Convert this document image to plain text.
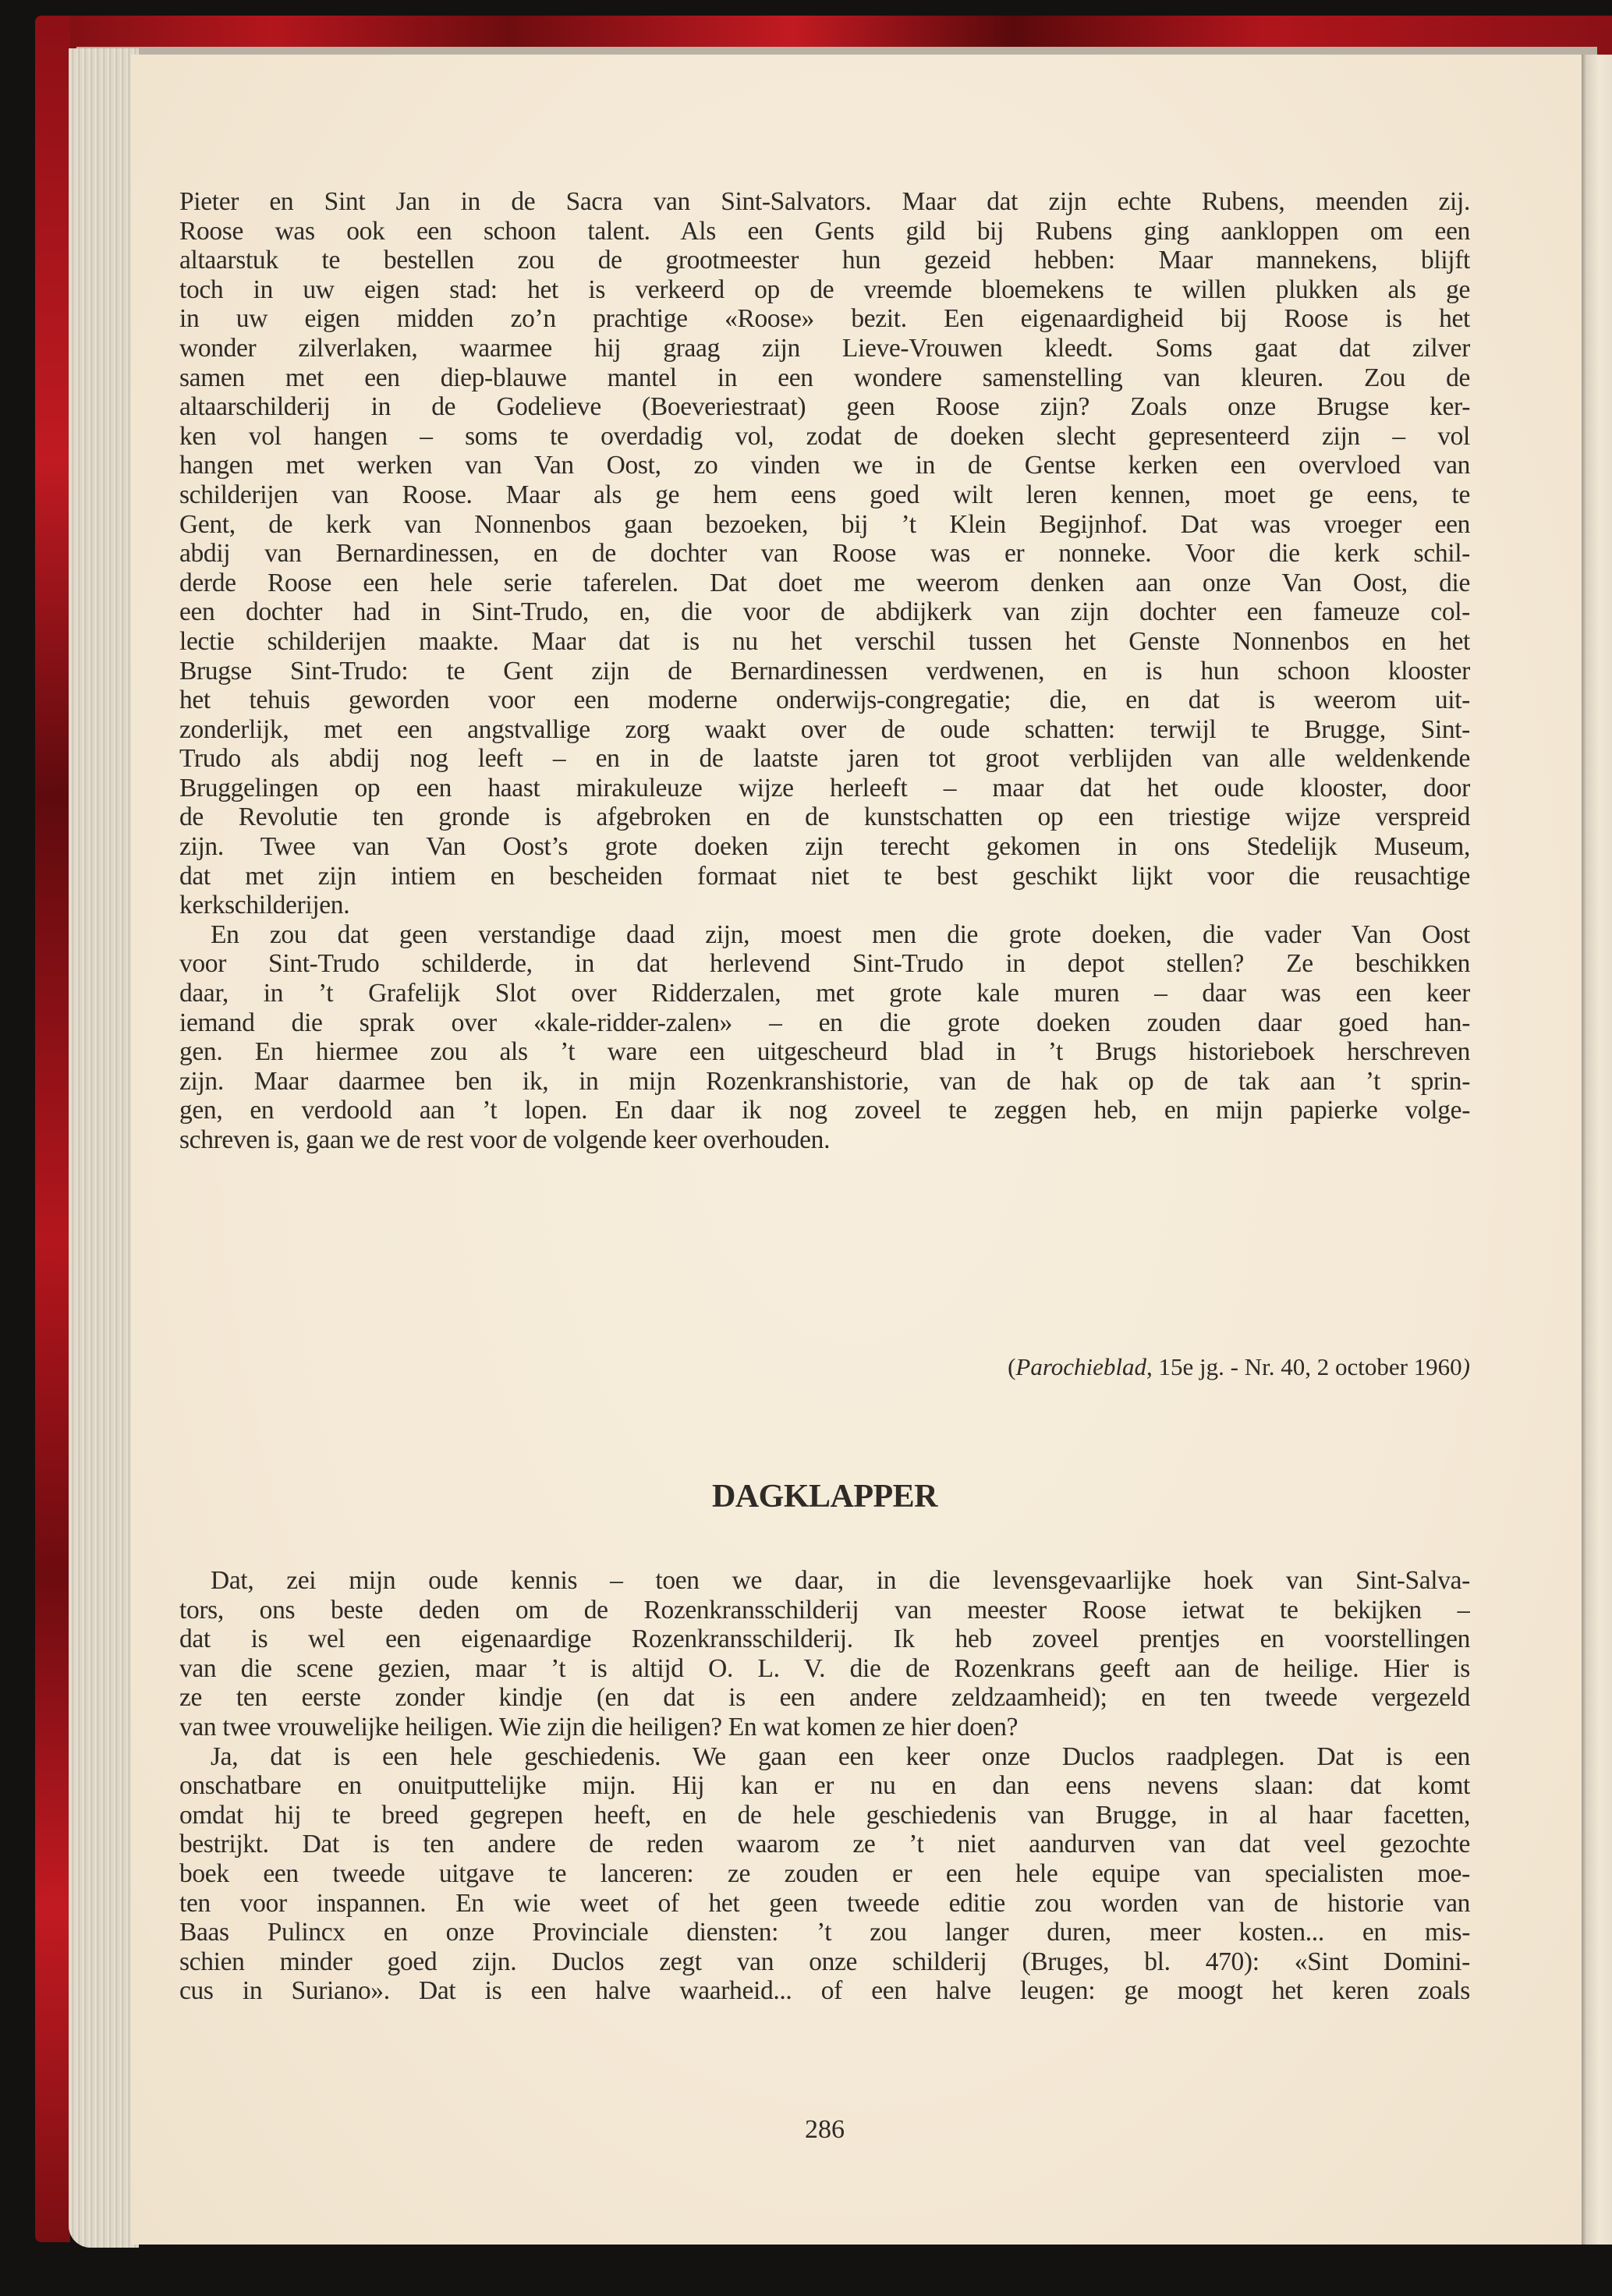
Pieter en Sint Jan in de Sacra van Sint-Salvators. Maar dat zijn echte Rubens, meenden zij.
Roose was ook een schoon talent. Als een Gents gild bij Rubens ging aankloppen om een
altaarstuk te bestellen zou de grootmeester hun gezeid hebben: Maar mannekens, blijft
toch in uw eigen stad: het is verkeerd op de vreemde bloemekens te willen plukken als ge
in uw eigen midden zo’n prachtige «Roose» bezit. Een eigenaardigheid bij Roose is het
wonder zilverlaken, waarmee hij graag zijn Lieve-Vrouwen kleedt. Soms gaat dat zilver
samen met een diep-blauwe mantel in een wondere samenstelling van kleuren. Zou de
altaarschilderij in de Godelieve (Boeveriestraat) geen Roose zijn? Zoals onze Brugse ker-
ken vol hangen – soms te overdadig vol, zodat de doeken slecht gepresenteerd zijn – vol
hangen met werken van Van Oost, zo vinden we in de Gentse kerken een overvloed van
schilderijen van Roose. Maar als ge hem eens goed wilt leren kennen, moet ge eens, te
Gent, de kerk van Nonnenbos gaan bezoeken, bij ’t Klein Begijnhof. Dat was vroeger een
abdij van Bernardinessen, en de dochter van Roose was er nonneke. Voor die kerk schil-
derde Roose een hele serie taferelen. Dat doet me weerom denken aan onze Van Oost, die
een dochter had in Sint-Trudo, en, die voor de abdijkerk van zijn dochter een fameuze col-
lectie schilderijen maakte. Maar dat is nu het verschil tussen het Genste Nonnenbos en het
Brugse Sint-Trudo: te Gent zijn de Bernardinessen verdwenen, en is hun schoon klooster
het tehuis geworden voor een moderne onderwijs-congregatie; die, en dat is weerom uit-
zonderlijk, met een angstvallige zorg waakt over de oude schatten: terwijl te Brugge, Sint-
Trudo als abdij nog leeft – en in de laatste jaren tot groot verblijden van alle weldenkende
Bruggelingen op een haast mirakuleuze wijze herleeft – maar dat het oude klooster, door
de Revolutie ten gronde is afgebroken en de kunstschatten op een triestige wijze verspreid
zijn. Twee van Van Oost’s grote doeken zijn terecht gekomen in ons Stedelijk Museum,
dat met zijn intiem en bescheiden formaat niet te best geschikt lijkt voor die reusachtige
kerkschilderijen.
En zou dat geen verstandige daad zijn, moest men die grote doeken, die vader Van Oost
voor Sint-Trudo schilderde, in dat herlevend Sint-Trudo in depot stellen? Ze beschikken
daar, in ’t Grafelijk Slot over Ridderzalen, met grote kale muren – daar was een keer
iemand die sprak over «kale-ridder-zalen» – en die grote doeken zouden daar goed han-
gen. En hiermee zou als ’t ware een uitgescheurd blad in ’t Brugs historieboek herschreven
zijn. Maar daarmee ben ik, in mijn Rozenkranshistorie, van de hak op de tak aan ’t sprin-
gen, en verdoold aan ’t lopen. En daar ik nog zoveel te zeggen heb, en mijn papierke volge-
schreven is, gaan we de rest voor de volgende keer overhouden.
(Parochieblad, 15e jg. - Nr. 40, 2 october 1960)
DAGKLAPPER
Dat, zei mijn oude kennis – toen we daar, in die levensgevaarlijke hoek van Sint-Salva-
tors, ons beste deden om de Rozenkransschilderij van meester Roose ietwat te bekijken –
dat is wel een eigenaardige Rozenkransschilderij. Ik heb zoveel prentjes en voorstellingen
van die scene gezien, maar ’t is altijd O. L. V. die de Rozenkrans geeft aan de heilige. Hier is
ze ten eerste zonder kindje (en dat is een andere zeldzaamheid); en ten tweede vergezeld
van twee vrouwelijke heiligen. Wie zijn die heiligen? En wat komen ze hier doen?
Ja, dat is een hele geschiedenis. We gaan een keer onze Duclos raadplegen. Dat is een
onschatbare en onuitputtelijke mijn. Hij kan er nu en dan eens nevens slaan: dat komt
omdat hij te breed gegrepen heeft, en de hele geschiedenis van Brugge, in al haar facetten,
bestrijkt. Dat is ten andere de reden waarom ze ’t niet aandurven van dat veel gezochte
boek een tweede uitgave te lanceren: ze zouden er een hele equipe van specialisten moe-
ten voor inspannen. En wie weet of het geen tweede editie zou worden van de historie van
Baas Pulincx en onze Provinciale diensten: ’t zou langer duren, meer kosten... en mis-
schien minder goed zijn. Duclos zegt van onze schilderij (Bruges, bl. 470): «Sint Domini-
cus in Suriano». Dat is een halve waarheid... of een halve leugen: ge moogt het keren zoals
286
